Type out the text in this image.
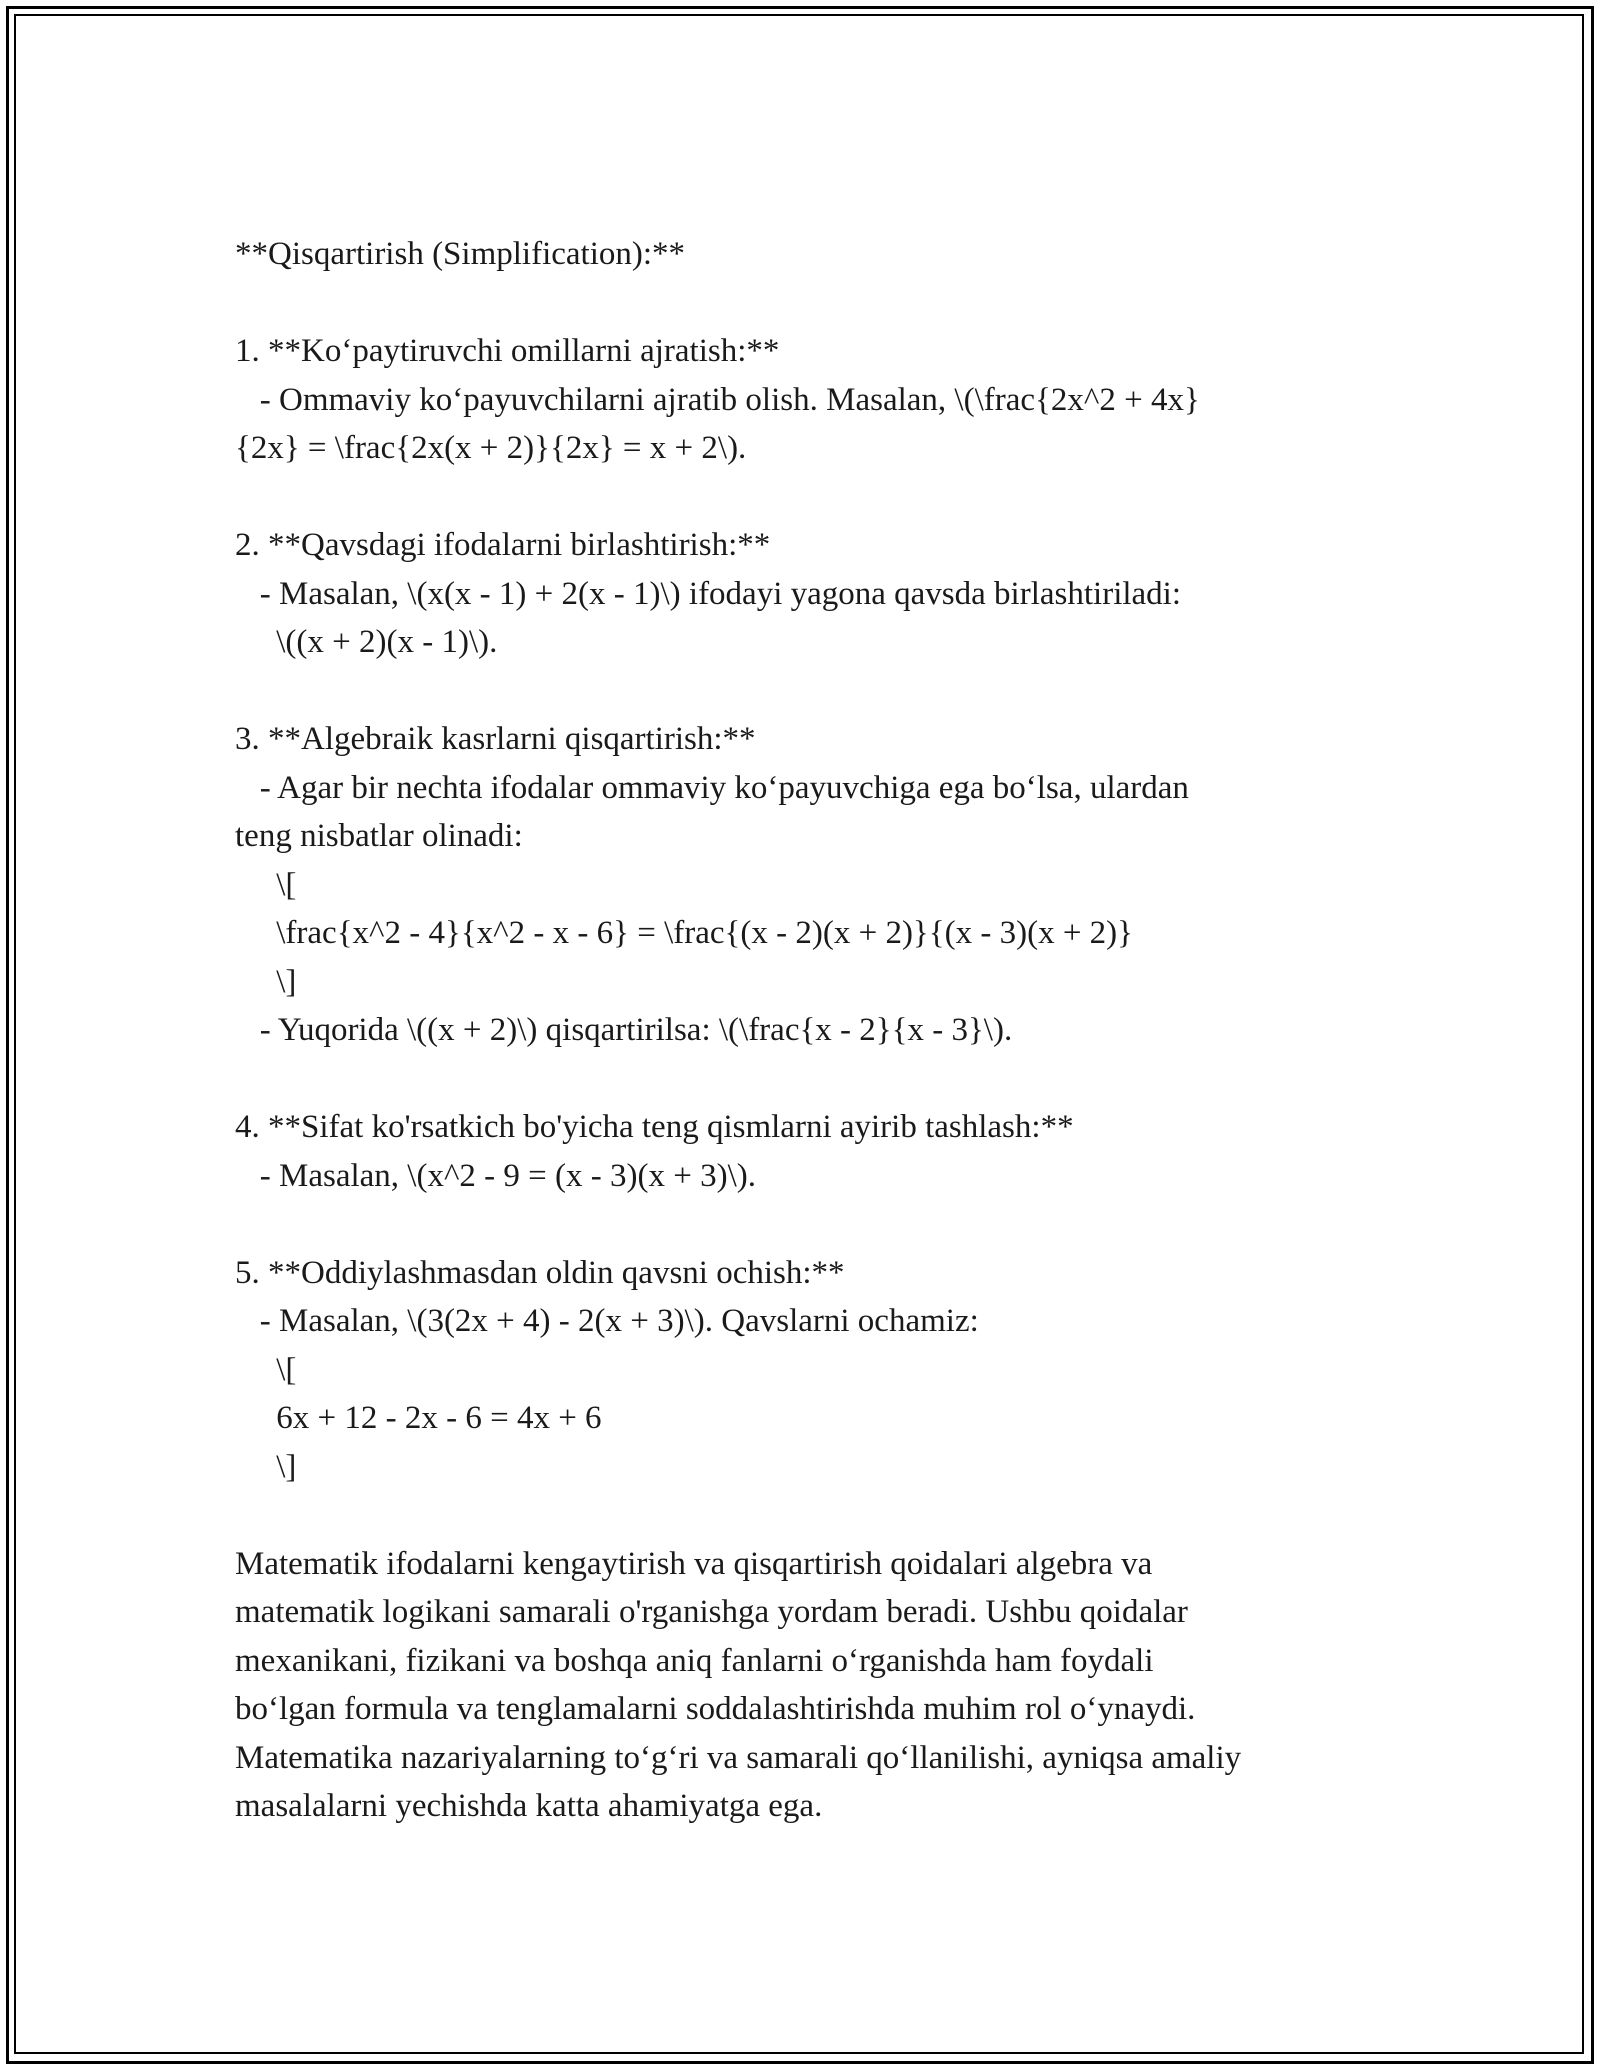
**Qisqartirish (Simplification):**
1. **Ko‘paytiruvchi omillarni ajratish:**
- Ommaviy ko‘payuvchilarni ajratib olish. Masalan, \(\frac{2x^2 + 4x}
{2x} = \frac{2x(x + 2)}{2x} = x + 2\).
2. **Qavsdagi ifodalarni birlashtirish:**
- Masalan, \(x(x - 1) + 2(x - 1)\) ifodayi yagona qavsda birlashtiriladi:
\((x + 2)(x - 1)\).
3. **Algebraik kasrlarni qisqartirish:**
- Agar bir nechta ifodalar ommaviy ko‘payuvchiga ega bo‘lsa, ulardan
teng nisbatlar olinadi:
\[
\frac{x^2 - 4}{x^2 - x - 6} = \frac{(x - 2)(x + 2)}{(x - 3)(x + 2)}
\]
- Yuqorida \((x + 2)\) qisqartirilsa: \(\frac{x - 2}{x - 3}\).
4. **Sifat ko'rsatkich bo'yicha teng qismlarni ayirib tashlash:**
- Masalan, \(x^2 - 9 = (x - 3)(x + 3)\).
5. **Oddiylashmasdan oldin qavsni ochish:**
- Masalan, \(3(2x + 4) - 2(x + 3)\). Qavslarni ochamiz:
\[
6x + 12 - 2x - 6 = 4x + 6
\]
Matematik ifodalarni kengaytirish va qisqartirish qoidalari algebra va
matematik logikani samarali o'rganishga yordam beradi. Ushbu qoidalar
mexanikani, fizikani va boshqa aniq fanlarni o‘rganishda ham foydali
bo‘lgan formula va tenglamalarni soddalashtirishda muhim rol o‘ynaydi.
Matematika nazariyalarning to‘g‘ri va samarali qo‘llanilishi, ayniqsa amaliy
masalalarni yechishda katta ahamiyatga ega.
